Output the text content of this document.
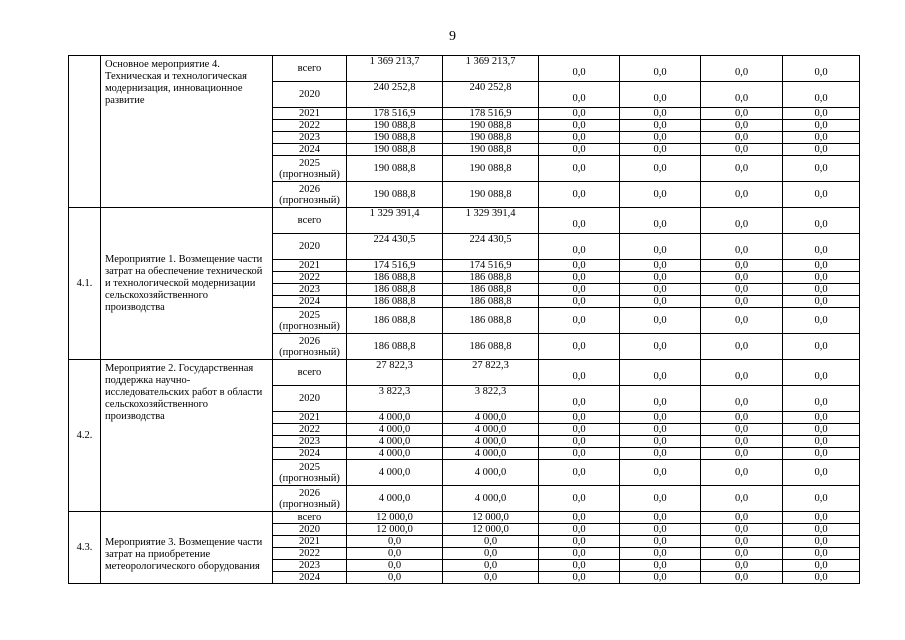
9
	Основное мероприятие 4. Техническая и технологическая модернизация, инновационное развитие	всего	1 369 213,7	1 369 213,7	0,0	0,0	0,0	0,0
		2020	240 252,8	240 252,8	0,0	0,0	0,0	0,0
		2021	178 516,9	178 516,9	0,0	0,0	0,0	0,0
		2022	190 088,8	190 088,8	0,0	0,0	0,0	0,0
		2023	190 088,8	190 088,8	0,0	0,0	0,0	0,0
		2024	190 088,8	190 088,8	0,0	0,0	0,0	0,0
		2025 (прогнозный)	190 088,8	190 088,8	0,0	0,0	0,0	0,0
		2026 (прогнозный)	190 088,8	190 088,8	0,0	0,0	0,0	0,0
4.1.	Мероприятие 1. Возмещение части затрат на обеспечение технической и технологической модернизации сельскохозяйственного производства	всего	1 329 391,4	1 329 391,4	0,0	0,0	0,0	0,0
		2020	224 430,5	224 430,5	0,0	0,0	0,0	0,0
		2021	174 516,9	174 516,9	0,0	0,0	0,0	0,0
		2022	186 088,8	186 088,8	0,0	0,0	0,0	0,0
		2023	186 088,8	186 088,8	0,0	0,0	0,0	0,0
		2024	186 088,8	186 088,8	0,0	0,0	0,0	0,0
		2025 (прогнозный)	186 088,8	186 088,8	0,0	0,0	0,0	0,0
		2026 (прогнозный)	186 088,8	186 088,8	0,0	0,0	0,0	0,0
4.2.	Мероприятие 2. Государственная поддержка научно-исследовательских работ в области сельскохозяйственного производства	всего	27 822,3	27 822,3	0,0	0,0	0,0	0,0
		2020	3 822,3	3 822,3	0,0	0,0	0,0	0,0
		2021	4 000,0	4 000,0	0,0	0,0	0,0	0,0
		2022	4 000,0	4 000,0	0,0	0,0	0,0	0,0
		2023	4 000,0	4 000,0	0,0	0,0	0,0	0,0
		2024	4 000,0	4 000,0	0,0	0,0	0,0	0,0
		2025 (прогнозный)	4 000,0	4 000,0	0,0	0,0	0,0	0,0
		2026 (прогнозный)	4 000,0	4 000,0	0,0	0,0	0,0	0,0
4.3.	Мероприятие 3. Возмещение части затрат на приобретение метеорологического оборудования	всего	12 000,0	12 000,0	0,0	0,0	0,0	0,0
		2020	12 000,0	12 000,0	0,0	0,0	0,0	0,0
		2021	0,0	0,0	0,0	0,0	0,0	0,0
		2022	0,0	0,0	0,0	0,0	0,0	0,0
		2023	0,0	0,0	0,0	0,0	0,0	0,0
		2024	0,0	0,0	0,0	0,0	0,0	0,0
